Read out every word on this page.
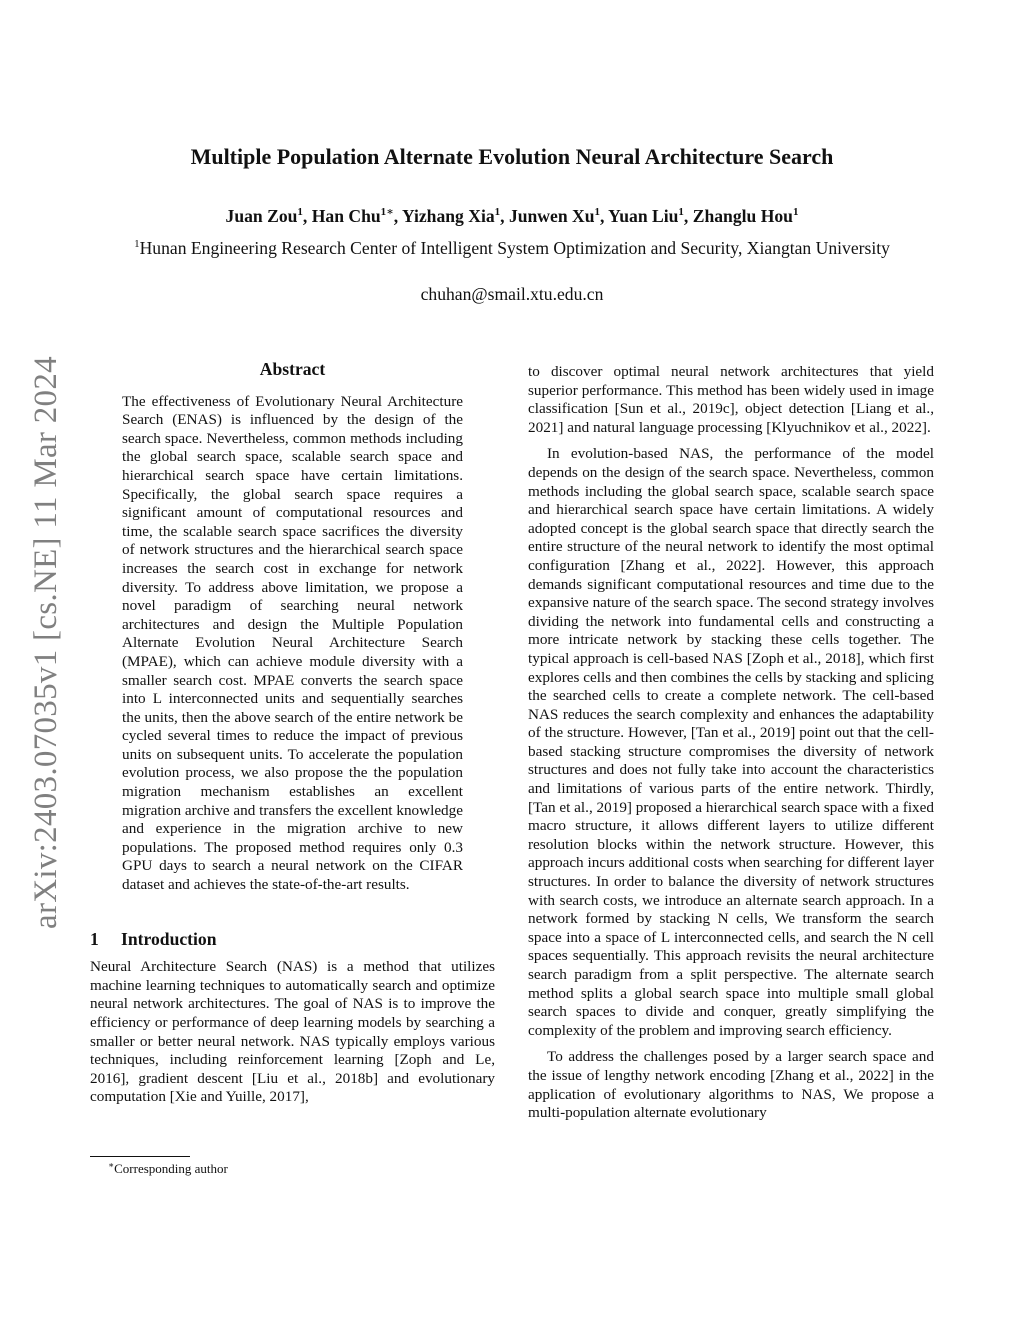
arXiv:2403.07035v1 [cs.NE] 11 Mar 2024
Multiple Population Alternate Evolution Neural Architecture Search
Juan Zou$^1$, Han Chu$^{1∗}$, Yizhang Xia$^1$, Junwen Xu$^1$, Yuan Liu$^1$, Zhanglu Hou$^1$
$^1$Hunan Engineering Research Center of Intelligent System Optimization and Security, Xiangtan University
chuhan@smail.xtu.edu.cn
Abstract

The effectiveness of Evolutionary Neural Architecture Search (ENAS) is influenced by the design of the search space. Nevertheless, common methods including the global search space, scalable search space and hierarchical search space have certain limitations. Specifically, the global search space requires a significant amount of computational resources and time, the scalable search space sacrifices the diversity of network structures and the hierarchical search space increases the search cost in exchange for network diversity. To address above limitation, we propose a novel paradigm of searching neural network architectures and design the Multiple Population Alternate Evolution Neural Architecture Search (MPAE), which can achieve module diversity with a smaller search cost. MPAE converts the search space into L interconnected units and sequentially searches the units, then the above search of the entire network be cycled several times to reduce the impact of previous units on subsequent units. To accelerate the population evolution process, we also propose the the population migration mechanism establishes an excellent migration archive and transfers the excellent knowledge and experience in the migration archive to new populations. The proposed method requires only 0.3 GPU days to search a neural network on the CIFAR dataset and achieves the state-of-the-art results.

1 Introduction

Neural Architecture Search (NAS) is a method that utilizes machine learning techniques to automatically search and optimize neural network architectures. The goal of NAS is to improve the efficiency or performance of deep learning models by searching a smaller or better neural network. NAS typically employs various techniques, including reinforcement learning [Zoph and Le, 2016], gradient descent [Liu et al., 2018b] and evolutionary computation [Xie and Yuille, 2017],

∗Corresponding author

to discover optimal neural network architectures that yield superior performance. This method has been widely used in image classification [Sun et al., 2019c], object detection [Liang et al., 2021] and natural language processing [Klyuchnikov et al., 2022].

In evolution-based NAS, the performance of the model depends on the design of the search space. Nevertheless, common methods including the global search space, scalable search space and hierarchical search space have certain limitations. A widely adopted concept is the global search space that directly search the entire structure of the neural network to identify the most optimal configuration [Zhang et al., 2022]. However, this approach demands significant computational resources and time due to the expansive nature of the search space. The second strategy involves dividing the network into fundamental cells and constructing a more intricate network by stacking these cells together. The typical approach is cell-based NAS [Zoph et al., 2018], which first explores cells and then combines the cells by stacking and splicing the searched cells to create a complete network. The cell-based NAS reduces the search complexity and enhances the adaptability of the structure. However, [Tan et al., 2019] point out that the cell-based stacking structure compromises the diversity of network structures and does not fully take into account the characteristics and limitations of various parts of the entire network. Thirdly, [Tan et al., 2019] proposed a hierarchical search space with a fixed macro structure, it allows different layers to utilize different resolution blocks within the network structure. However, this approach incurs additional costs when searching for different layer structures. In order to balance the diversity of network structures with search costs, we introduce an alternate search approach. In a network formed by stacking N cells, We transform the search space into a space of L interconnected cells, and search the N cell spaces sequentially. This approach revisits the neural architecture search paradigm from a split perspective. The alternate search method splits a global search space into multiple small global search spaces to divide and conquer, greatly simplifying the complexity of the problem and improving search efficiency.

To address the challenges posed by a larger search space and the issue of lengthy network encoding [Zhang et al., 2022] in the application of evolutionary algorithms to NAS, We propose a multi-population alternate evolutionary
